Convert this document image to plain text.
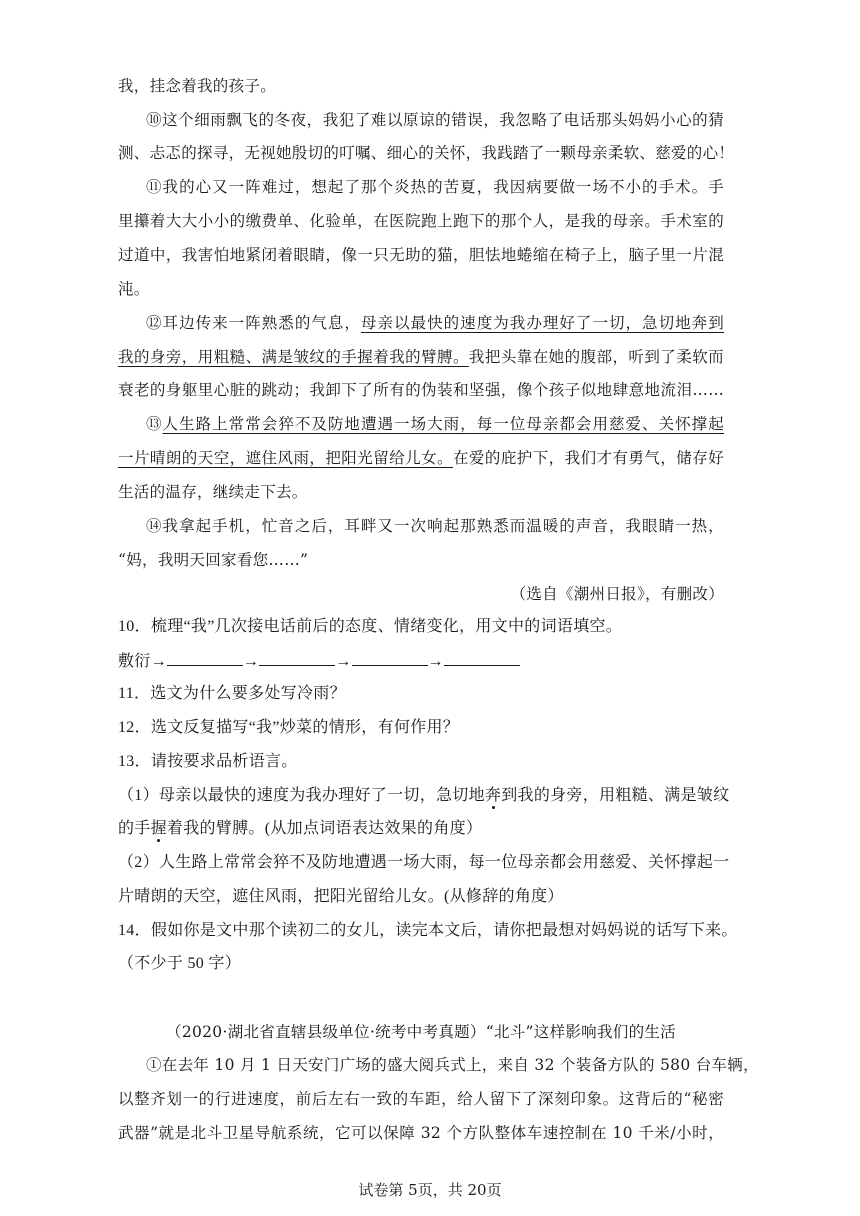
我，挂念着我的孩子。
⑩这个细雨飘飞的冬夜，我犯了难以原谅的错误，我忽略了电话那头妈妈小心的猜
测、忐忑的探寻，无视她殷切的叮嘱、细心的关怀，我践踏了一颗母亲柔软、慈爱的心！
⑪我的心又一阵难过，想起了那个炎热的苦夏，我因病要做一场不小的手术。手
里攥着大大小小的缴费单、化验单，在医院跑上跑下的那个人，是我的母亲。手术室的
过道中，我害怕地紧闭着眼睛，像一只无助的猫，胆怯地蜷缩在椅子上，脑子里一片混
沌。
⑫耳边传来一阵熟悉的气息，母亲以最快的速度为我办理好了一切，急切地奔到
我的身旁，用粗糙、满是皱纹的手握着我的臂膊。我把头靠在她的腹部，听到了柔软而
衰老的身躯里心脏的跳动；我卸下了所有的伪装和坚强，像个孩子似地肆意地流泪……
⑬人生路上常常会猝不及防地遭遇一场大雨，每一位母亲都会用慈爱、关怀撑起
一片晴朗的天空，遮住风雨，把阳光留给儿女。在爱的庇护下，我们才有勇气，储存好
生活的温存，继续走下去。
⑭我拿起手机，忙音之后，耳畔又一次响起那熟悉而温暖的声音，我眼睛一热，
“妈，我明天回家看您……”
（选自《潮州日报》，有删改）
10．梳理“我”几次接电话前后的态度、情绪变化，用文中的词语填空。
敷衍→	→	→	→
11．选文为什么要多处写冷雨？
12．选文反复描写“我”炒菜的情形，有何作用？
13．请按要求品析语言。
（1）母亲以最快的速度为我办理好了一切，急切地奔到我的身旁，用粗糙、满是皱纹
的手握着我的臂膊。(从加点词语表达效果的角度）
（2）人生路上常常会猝不及防地遭遇一场大雨，每一位母亲都会用慈爱、关怀撑起一
片晴朗的天空，遮住风雨，把阳光留给儿女。(从修辞的角度）
14．假如你是文中那个读初二的女儿，读完本文后，请你把最想对妈妈说的话写下来。
（不少于 50 字）
（2020·湖北省直辖县级单位·统考中考真题）“北斗”这样影响我们的生活
①在去年 10 月 1 日天安门广场的盛大阅兵式上，来自 32 个装备方队的 580 台车辆，
以整齐划一的行进速度，前后左右一致的车距，给人留下了深刻印象。这背后的“秘密
武器”就是北斗卫星导航系统，它可以保障 32 个方队整体车速控制在 10 千米/小时，
试卷第 5页，共 20页
